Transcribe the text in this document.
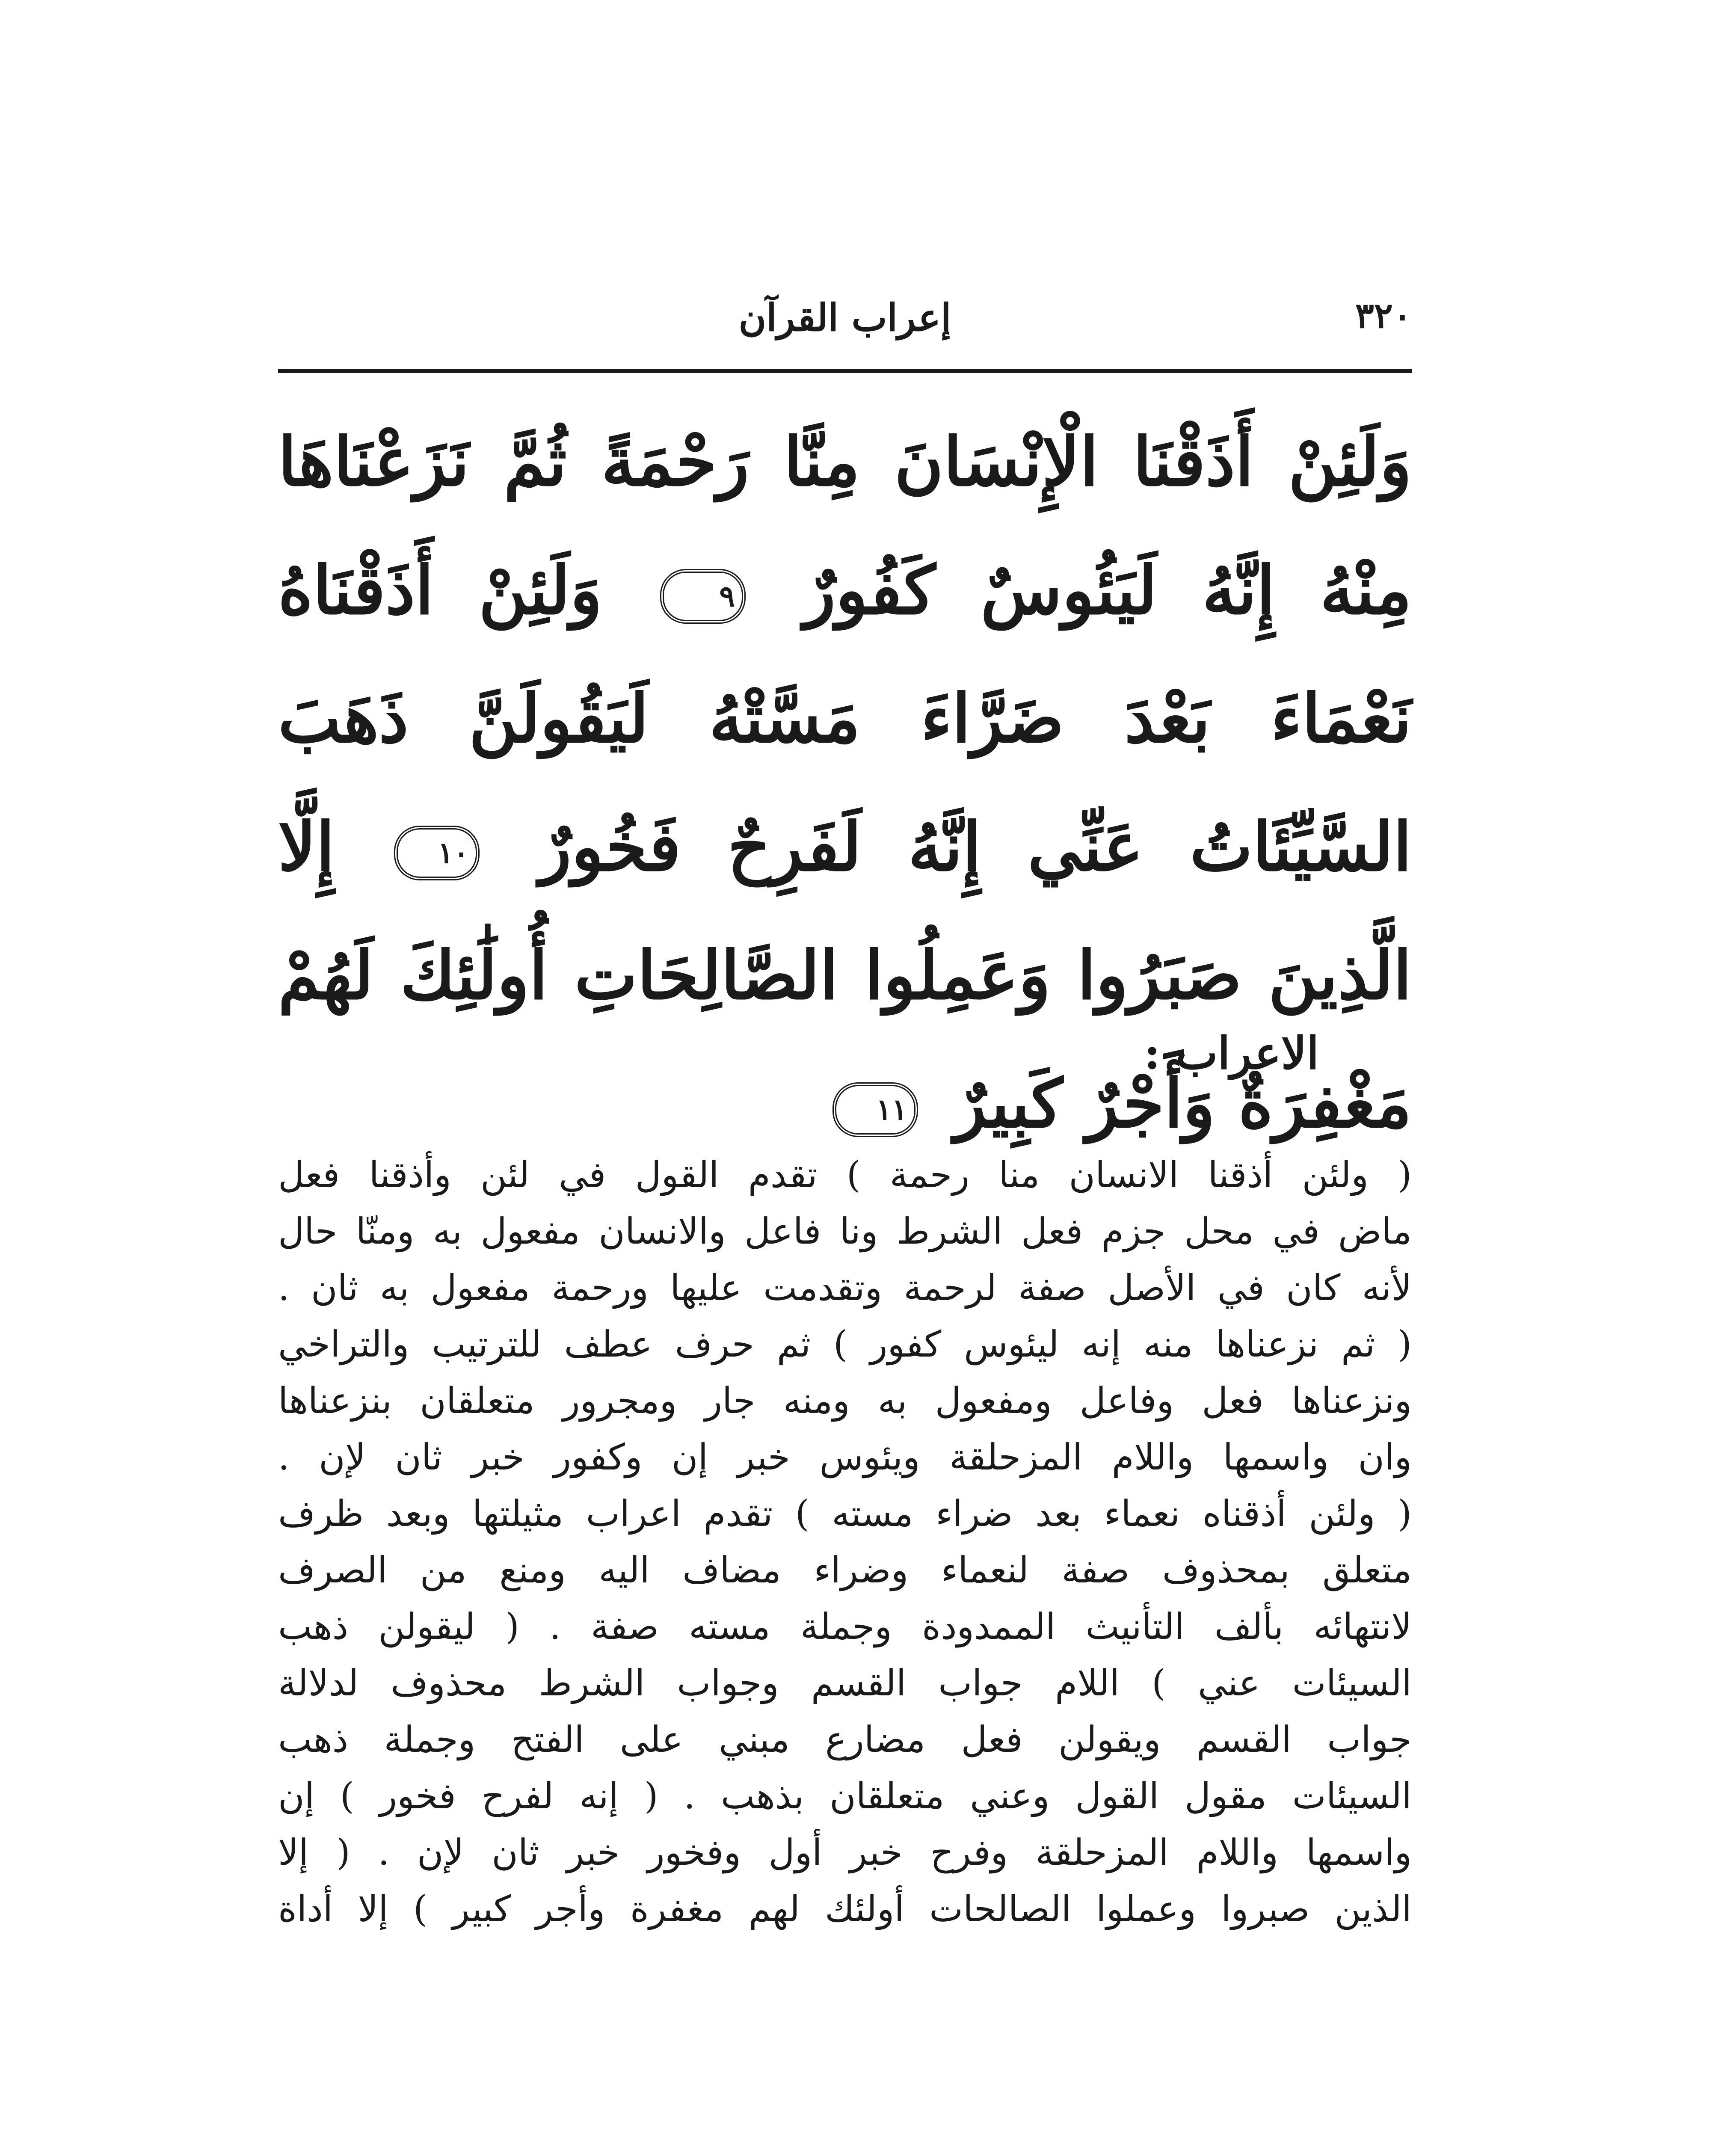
٣٢٠
إعراب القرآن
وَلَئِنْ أَذَقْنَا الْإِنْسَانَ مِنَّا رَحْمَةً ثُمَّ نَزَعْنَاهَا مِنْهُ إِنَّهُ لَيَئُوسٌ كَفُورٌ ٩ وَلَئِنْ أَذَقْنَاهُ نَعْمَاءَ بَعْدَ ضَرَّاءَ مَسَّتْهُ لَيَقُولَنَّ ذَهَبَ السَّيِّئَاتُ عَنِّي إِنَّهُ لَفَرِحٌ فَخُورٌ ١٠ إِلَّا الَّذِينَ صَبَرُوا وَعَمِلُوا الصَّالِحَاتِ أُولَٰئِكَ لَهُمْ مَغْفِرَةٌ وَأَجْرٌ كَبِيرٌ ١١
الاعراب :
( ولئن أذقنا الانسان منا رحمة ) تقدم القول في لئن وأذقنا فعل
ماض في محل جزم فعل الشرط ونا فاعل والانسان مفعول به ومنّا حال
لأنه كان في الأصل صفة لرحمة وتقدمت عليها ورحمة مفعول به ثان .
( ثم نزعناها منه إنه ليئوس كفور ) ثم حرف عطف للترتيب والتراخي
ونزعناها فعل وفاعل ومفعول به ومنه جار ومجرور متعلقان بنزعناها
وان واسمها واللام المزحلقة ويئوس خبر إن وكفور خبر ثان لإن .
( ولئن أذقناه نعماء بعد ضراء مسته ) تقدم اعراب مثيلتها وبعد ظرف
متعلق بمحذوف صفة لنعماء وضراء مضاف اليه ومنع من الصرف
لانتهائه بألف التأنيث الممدودة وجملة مسته صفة . ( ليقولن ذهب
السيئات عني ) اللام جواب القسم وجواب الشرط محذوف لدلالة
جواب القسم ويقولن فعل مضارع مبني على الفتح وجملة ذهب
السيئات مقول القول وعني متعلقان بذهب . ( إنه لفرح فخور ) إن
واسمها واللام المزحلقة وفرح خبر أول وفخور خبر ثان لإن . ( إلا
الذين صبروا وعملوا الصالحات أولئك لهم مغفرة وأجر كبير ) إلا أداة
